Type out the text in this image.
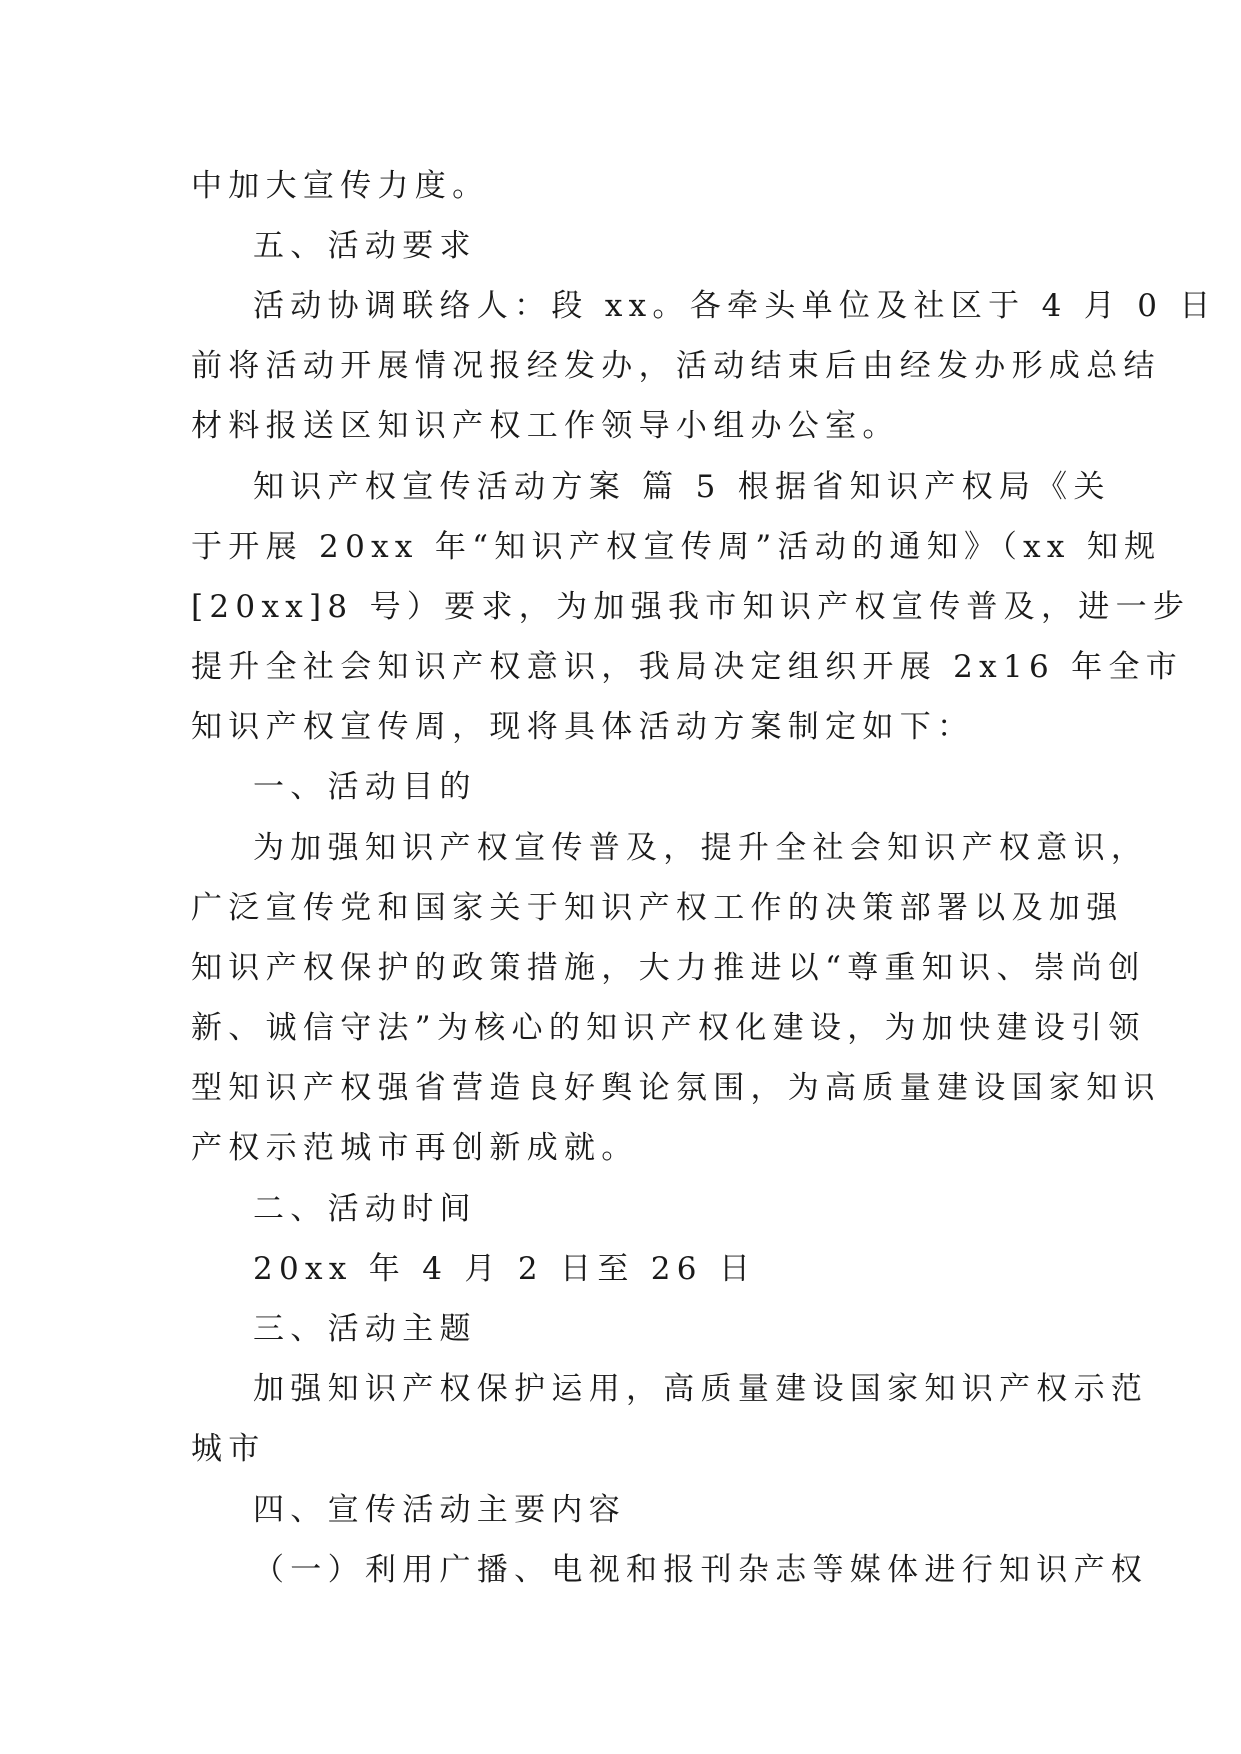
中加大宣传力度。
五、活动要求
活动协调联络人：段 xx。各牵头单位及社区于 4 月 0 日
前将活动开展情况报经发办，活动结束后由经发办形成总结
材料报送区知识产权工作领导小组办公室。
知识产权宣传活动方案 篇 5 根据省知识产权局《关
于开展 20xx 年“知识产权宣传周”活动的通知》（xx 知规
[20xx]8 号）要求，为加强我市知识产权宣传普及，进一步
提升全社会知识产权意识，我局决定组织开展 2x16 年全市
知识产权宣传周，现将具体活动方案制定如下：
一、活动目的
为加强知识产权宣传普及，提升全社会知识产权意识，
广泛宣传党和国家关于知识产权工作的决策部署以及加强
知识产权保护的政策措施，大力推进以“尊重知识、崇尚创
新、诚信守法”为核心的知识产权化建设，为加快建设引领
型知识产权强省营造良好舆论氛围，为高质量建设国家知识
产权示范城市再创新成就。
二、活动时间
20xx 年 4 月 2 日至 26 日
三、活动主题
加强知识产权保护运用，高质量建设国家知识产权示范
城市
四、宣传活动主要内容
（一）利用广播、电视和报刊杂志等媒体进行知识产权
